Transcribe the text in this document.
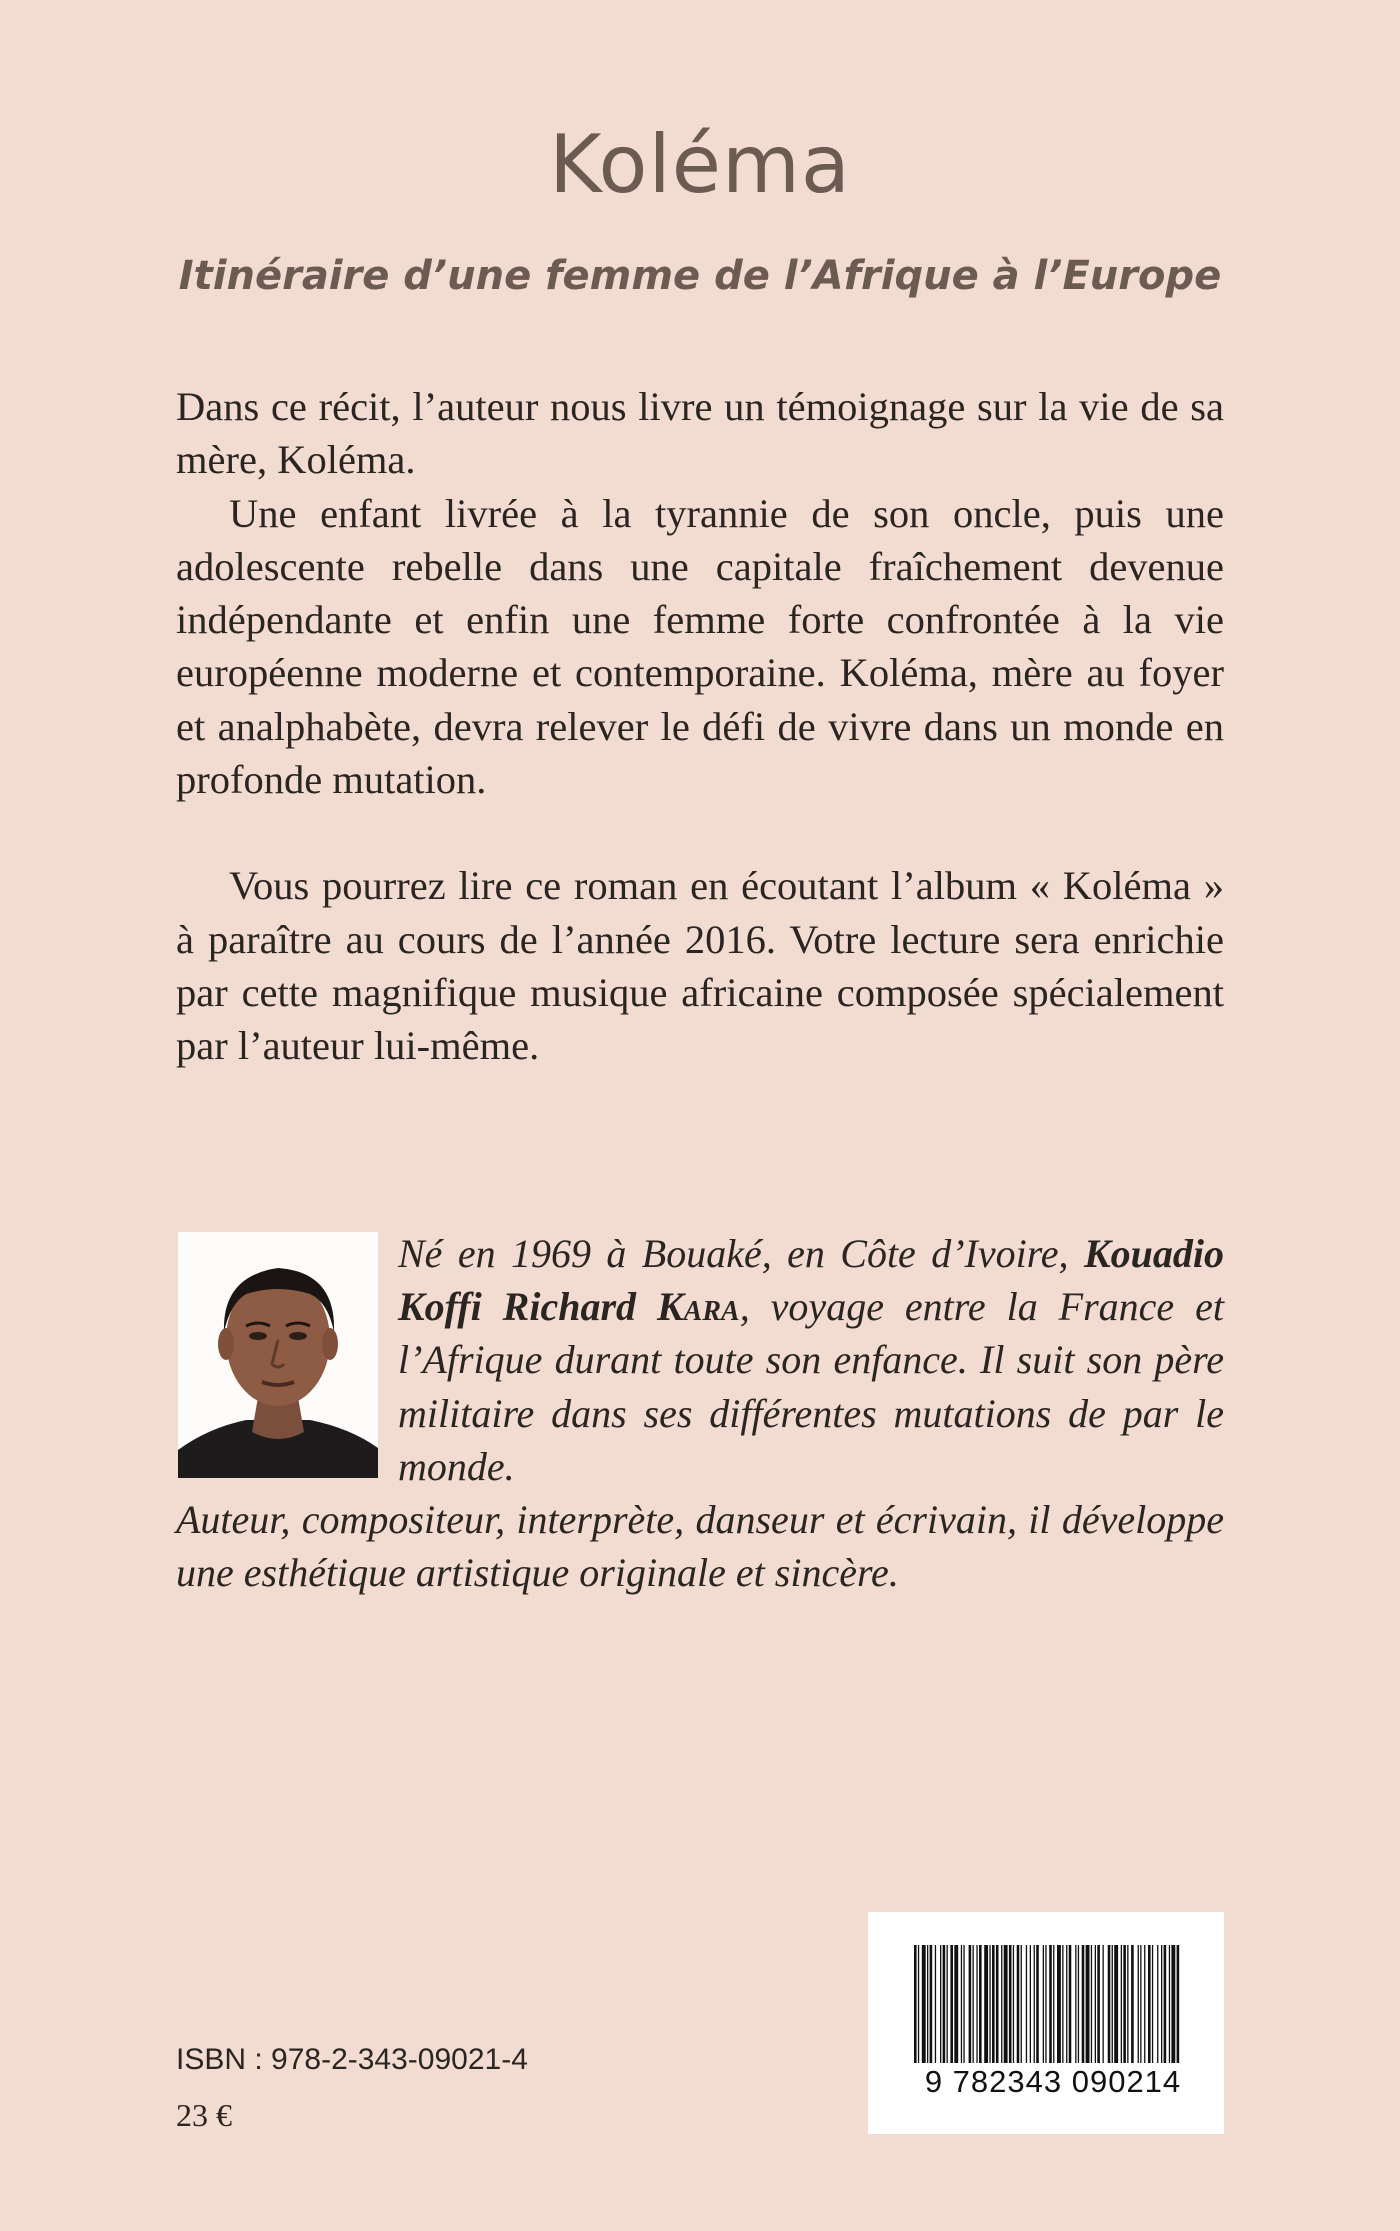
Koléma
Itinéraire d’une femme de l’Afrique à l’Europe

Dans ce récit, l’auteur nous livre un témoignage sur la vie de sa mère, Koléma.

Une enfant livrée à la tyrannie de son oncle, puis une adolescente rebelle dans une capitale fraîchement devenue indépendante et enfin une femme forte confrontée à la vie européenne moderne et contemporaine. Koléma, mère au foyer et analphabète, devra relever le défi de vivre dans un monde en profonde mutation.

Vous pourrez lire ce roman en écoutant l’album « Koléma » à paraître au cours de l’année 2016. Votre lecture sera enrichie par cette magnifique musique africaine composée spécialement par l’auteur lui-même.

Né en 1969 à Bouaké, en Côte d’Ivoire, Kouadio Koffi Richard Kara, voyage entre la France et l’Afrique durant toute son enfance. Il suit son père militaire dans ses différentes mutations de par le monde.

Auteur, compositeur, interprète, danseur et écrivain, il développe une esthétique artistique originale et sincère.

ISBN : 978-2-343-09021-4
23 €
9 782343 090214
